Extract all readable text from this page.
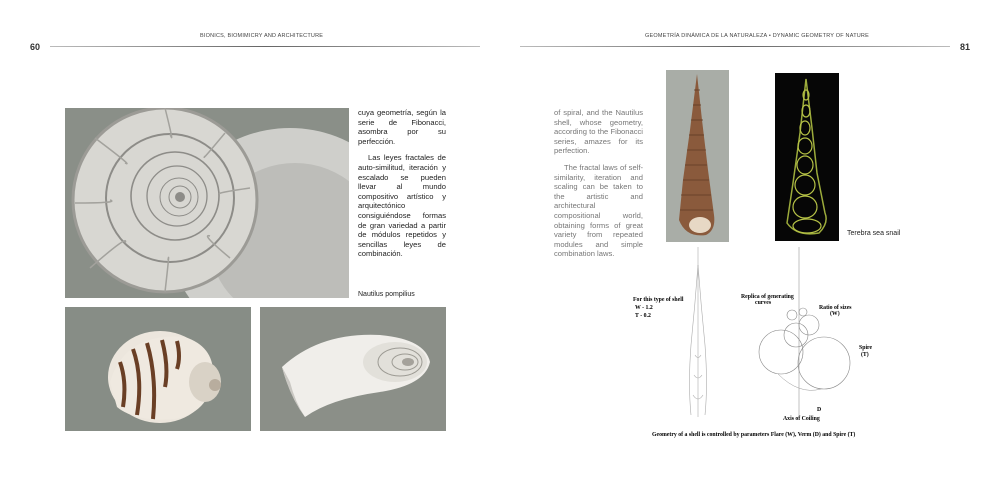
60	81
BIONICS, BIOMIMICRY AND ARCHITECTURE	GEOMETRÍA DINÁMICA DE LA NATURALEZA • DYNAMIC GEOMETRY OF NATURE

cuya geometría, según la serie de Fibonacci, asombra por su perfección.

Las leyes fractales de auto-similitud, iteración y escalado se pueden llevar al mundo compositivo artístico y arquitectónico consiguiéndose formas de gran variedad a partir de módulos repetidos y sencillas leyes de combinación.

Nautilus pompilius

of spiral, and the Nautilus shell, whose geometry, according to the Fibonacci series, amazes for its perfection.

The fractal laws of self-similarity, iteration and scaling can be taken to the artistic and architectural compositional world, obtaining forms of great variety from repeated modules and simple combination laws.

Terebra sea snail
For this type of shell
W - 1.2
T - 0.2
Replica of generating
curves
Ratio of sizes
(W)
Spire
(T)
D
Axis of Coiling
Geometry of a shell is controlled by parameters Flare (W), Verm (D) and Spire (T)
